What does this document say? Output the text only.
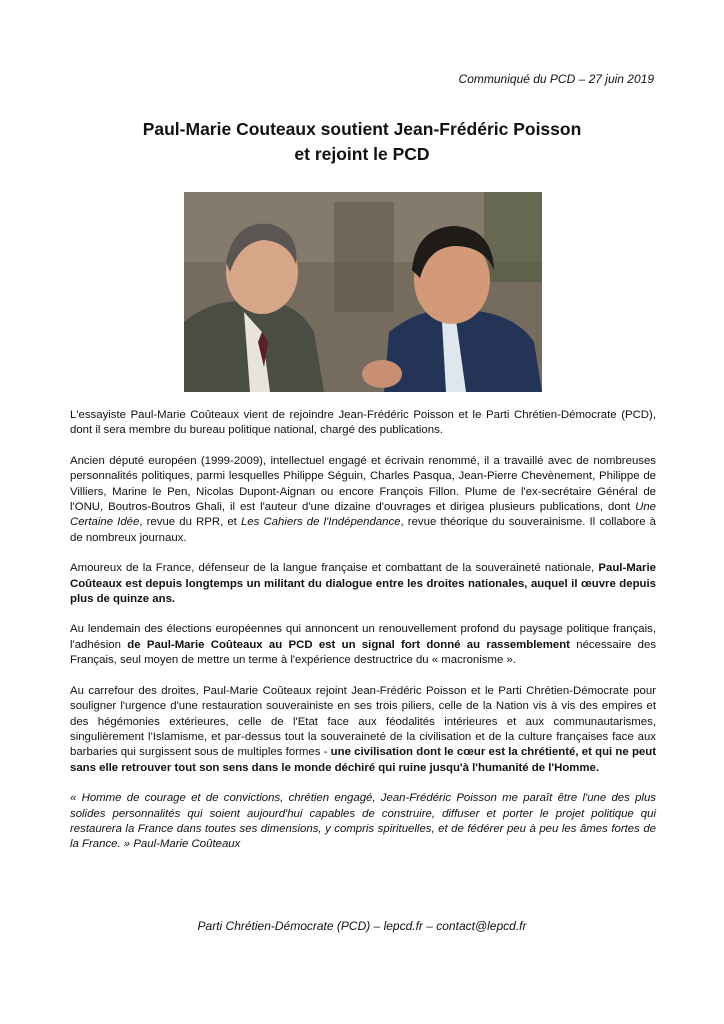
Communiqué du PCD – 27 juin 2019
Paul-Marie Couteaux soutient Jean-Frédéric Poisson
et rejoint le PCD

L'essayiste Paul-Marie Coûteaux vient de rejoindre Jean-Frédéric Poisson et le Parti Chrétien-Démocrate (PCD), dont il sera membre du bureau politique national, chargé des publications.

Ancien député européen (1999-2009), intellectuel engagé et écrivain renommé, il a travaillé avec de nombreuses personnalités politiques, parmi lesquelles Philippe Séguin, Charles Pasqua, Jean-Pierre Chevènement, Philippe de Villiers, Marine le Pen, Nicolas Dupont-Aignan ou encore François Fillon. Plume de l'ex-secrétaire Général de l'ONU, Boutros-Boutros Ghali, il est l'auteur d'une dizaine d'ouvrages et dirigea plusieurs publications, dont Une Certaine Idée, revue du RPR, et Les Cahiers de l'Indépendance, revue théorique du souverainisme. Il collabore à de nombreux journaux.

Amoureux de la France, défenseur de la langue française et combattant de la souveraineté nationale, Paul-Marie Coûteaux est depuis longtemps un militant du dialogue entre les droites nationales, auquel il œuvre depuis plus de quinze ans.

Au lendemain des élections européennes qui annoncent un renouvellement profond du paysage politique français, l'adhésion de Paul-Marie Coûteaux au PCD est un signal fort donné au rassemblement nécessaire des Français, seul moyen de mettre un terme à l'expérience destructrice du « macronisme ».

Au carrefour des droites, Paul-Marie Coûteaux rejoint Jean-Frédéric Poisson et le Parti Chrétien-Démocrate pour souligner l'urgence d'une restauration souverainiste en ses trois piliers, celle de la Nation vis à vis des empires et des hégémonies extérieures, celle de l'Etat face aux féodalités intérieures et aux communautarismes, singulièrement l'Islamisme, et par-dessus tout la souveraineté de la civilisation et de la culture françaises face aux barbaries qui surgissent sous de multiples formes - une civilisation dont le cœur est la chrétienté, et qui ne peut sans elle retrouver tout son sens dans le monde déchiré qui ruine jusqu'à l'humanité de l'Homme.

« Homme de courage et de convictions, chrétien engagé, Jean-Frédéric Poisson me paraît être l'une des plus solides personnalités qui soient aujourd'hui capables de construire, diffuser et porter le projet politique qui restaurera la France dans toutes ses dimensions, y compris spirituelles, et de fédérer peu à peu les âmes fortes de la France. » Paul-Marie Coûteaux

Parti Chrétien-Démocrate (PCD) – lepcd.fr – contact@lepcd.fr
